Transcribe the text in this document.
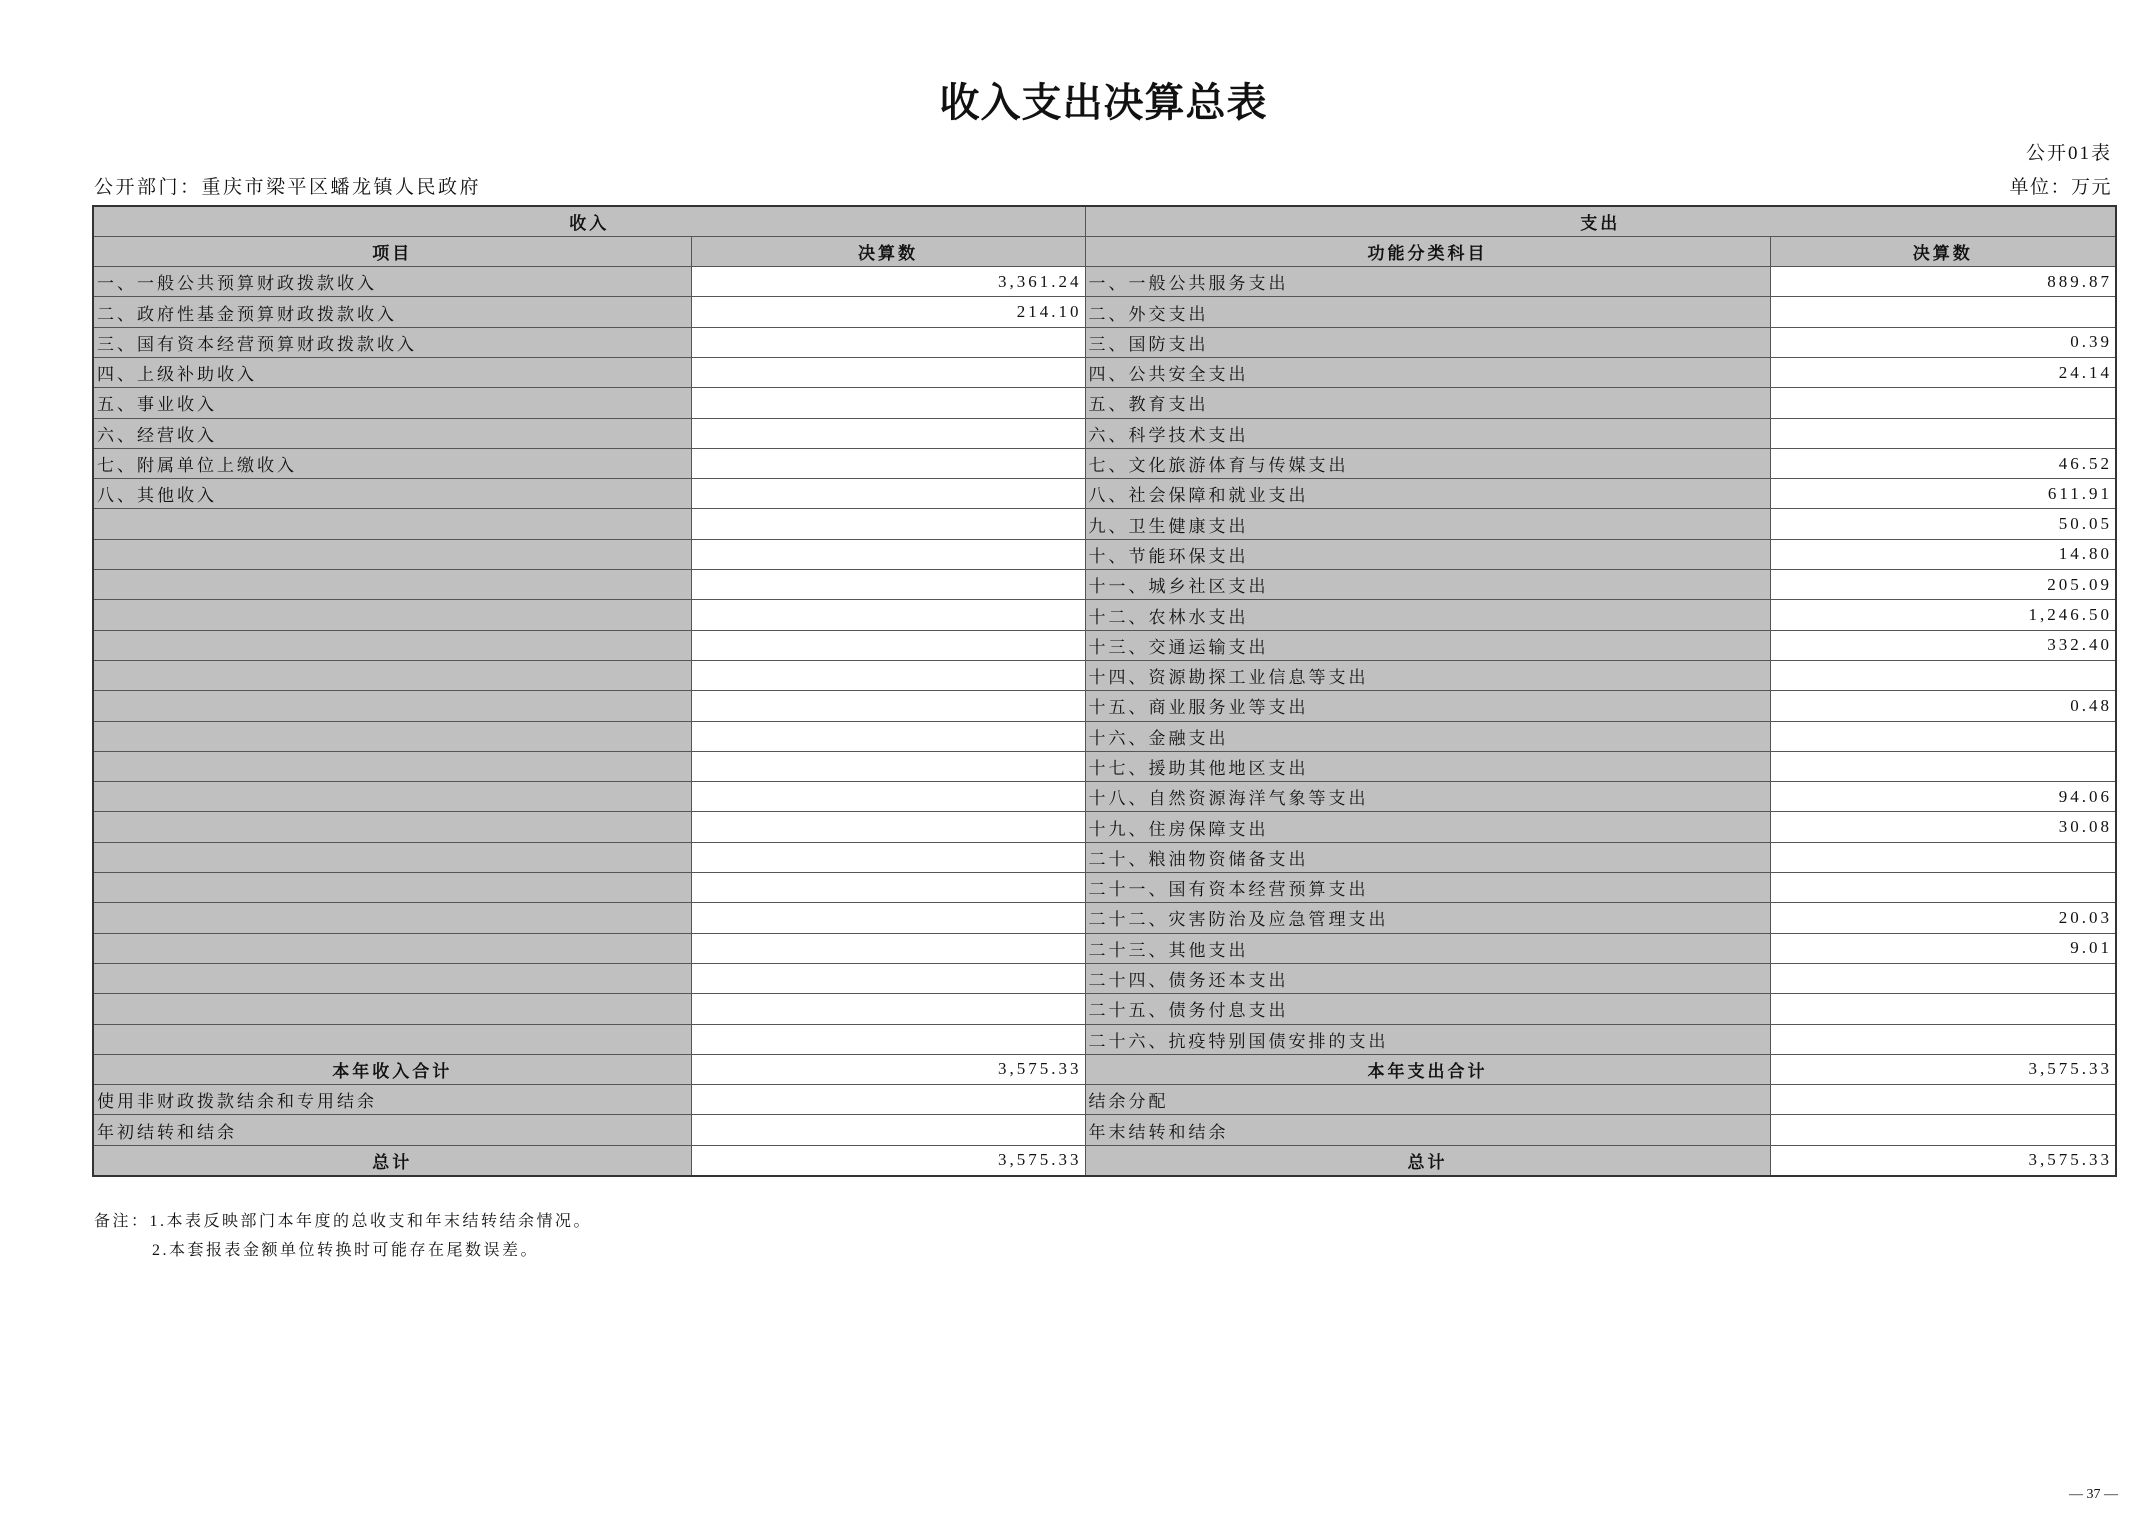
收入支出决算总表
公开01表
公开部门：重庆市梁平区蟠龙镇人民政府	单位：万元
收入		支出	
项目	决算数	功能分类科目	决算数
一、一般公共预算财政拨款收入	3,361.24	一、一般公共服务支出	889.87
二、政府性基金预算财政拨款收入	214.10	二、外交支出	
三、国有资本经营预算财政拨款收入		三、国防支出	0.39
四、上级补助收入		四、公共安全支出	24.14
五、事业收入		五、教育支出	
六、经营收入		六、科学技术支出	
七、附属单位上缴收入		七、文化旅游体育与传媒支出	46.52
八、其他收入		八、社会保障和就业支出	611.91
		九、卫生健康支出	50.05
		十、节能环保支出	14.80
		十一、城乡社区支出	205.09
		十二、农林水支出	1,246.50
		十三、交通运输支出	332.40
		十四、资源勘探工业信息等支出	
		十五、商业服务业等支出	0.48
		十六、金融支出	
		十七、援助其他地区支出	
		十八、自然资源海洋气象等支出	94.06
		十九、住房保障支出	30.08
		二十、粮油物资储备支出	
		二十一、国有资本经营预算支出	
		二十二、灾害防治及应急管理支出	20.03
		二十三、其他支出	9.01
		二十四、债务还本支出	
		二十五、债务付息支出	
		二十六、抗疫特别国债安排的支出	
本年收入合计	3,575.33	本年支出合计	3,575.33
使用非财政拨款结余和专用结余		结余分配	
年初结转和结余		年末结转和结余	
总计	3,575.33	总计	3,575.33
备注：1.本表反映部门本年度的总收支和年末结转结余情况。
2.本套报表金额单位转换时可能存在尾数误差。
— 37 —
